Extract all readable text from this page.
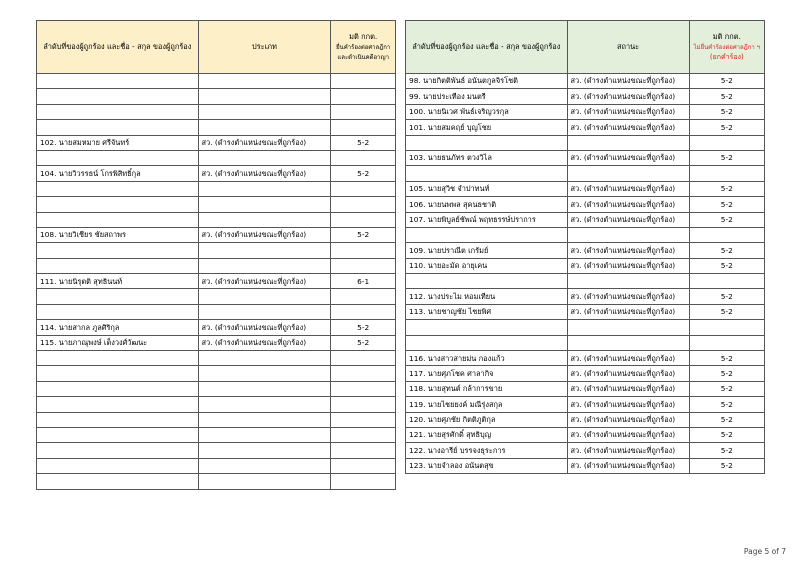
ลำดับที่ของผู้ถูกร้อง และชื่อ - สกุล ของผู้ถูกร้อง	ประเภท	มติ กกต.
ยื่นคำร้องต่อศาลฎีกา
และดำเนินคดีอาญา

102. นายสมหมาย ศรีจันทร์	สว. (ดำรงตำแหน่งขณะที่ถูกร้อง)	5-2

104. นายวิวรรธน์ โกรพิสิทธิ์กุล	สว. (ดำรงตำแหน่งขณะที่ถูกร้อง)	5-2

108. นายวิเชียร ชัยสถาพร	สว. (ดำรงตำแหน่งขณะที่ถูกร้อง)	5-2

111. นายนิรุตติ สุทธินนท์	สว. (ดำรงตำแหน่งขณะที่ถูกร้อง)	6-1

114. นายสากล ภูลศิริกุล	สว. (ดำรงตำแหน่งขณะที่ถูกร้อง)	5-2
115. นายภาณุพงษ์ เต็งวงศ์วัฒนะ	สว. (ดำรงตำแหน่งขณะที่ถูกร้อง)	5-2

ลำดับที่ของผู้ถูกร้อง และชื่อ - สกุล ของผู้ถูกร้อง	สถานะ	มติ กกต.
ไม่ยื่นคำร้องต่อศาลฎีกา ฯ
(ยกคำร้อง)
98. นายกิตติพันธ์ อนันตกูลจิรโชติ	สว. (ดำรงตำแหน่งขณะที่ถูกร้อง)	5-2
99. นายประเทือง มนตรี	สว. (ดำรงตำแหน่งขณะที่ถูกร้อง)	5-2
100. นายนิเวศ พันธ์เจริญวรกุล	สว. (ดำรงตำแหน่งขณะที่ถูกร้อง)	5-2
101. นายสมคฤย์ บุญโชย	สว. (ดำรงตำแหน่งขณะที่ถูกร้อง)	5-2

103. นายธนภัทร ตวงวิไล	สว. (ดำรงตำแหน่งขณะที่ถูกร้อง)	5-2

105. นายสุวิช จำปาทนท์	สว. (ดำรงตำแหน่งขณะที่ถูกร้อง)	5-2
106. นายนพพล สุคนธชาติ	สว. (ดำรงตำแหน่งขณะที่ถูกร้อง)	5-2
107. นายพิบูลย์ชัพณ์ พฤทธรรษ์ปราการ	สว. (ดำรงตำแหน่งขณะที่ถูกร้อง)	5-2

109. นายปราณีต เกรัมย์	สว. (ดำรงตำแหน่งขณะที่ถูกร้อง)	5-2
110. นายอะมัด อายุเคน	สว. (ดำรงตำแหน่งขณะที่ถูกร้อง)	5-2

112. นางประไม หอมเทียน	สว. (ดำรงตำแหน่งขณะที่ถูกร้อง)	5-2
113. นายชาญชัย ไชยพิศ	สว. (ดำรงตำแหน่งขณะที่ถูกร้อง)	5-2

116. นางสาวสายม่น กองแก้ว	สว. (ดำรงตำแหน่งขณะที่ถูกร้อง)	5-2
117. นายศุภโชค ศาลากิจ	สว. (ดำรงตำแหน่งขณะที่ถูกร้อง)	5-2
118. นายสุทนต์ กล้าการขาย	สว. (ดำรงตำแหน่งขณะที่ถูกร้อง)	5-2
119. นายไชยยงค์ มณีรุ่งสกุล	สว. (ดำรงตำแหน่งขณะที่ถูกร้อง)	5-2
120. นายศุภชัย กิตติภูติกุล	สว. (ดำรงตำแหน่งขณะที่ถูกร้อง)	5-2
121. นายสุรศักดิ์ สุทธิบุญ	สว. (ดำรงตำแหน่งขณะที่ถูกร้อง)	5-2
122. นางอารีย์ บรรจงธุระการ	สว. (ดำรงตำแหน่งขณะที่ถูกร้อง)	5-2
123. นายจำลอง อนันตสุข	สว. (ดำรงตำแหน่งขณะที่ถูกร้อง)	5-2
Page 5 of 7
